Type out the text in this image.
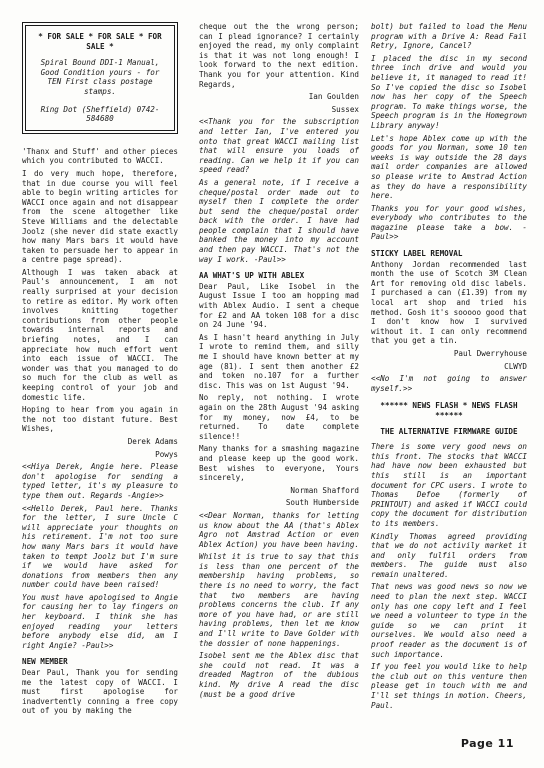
* FOR SALE * FOR SALE * FOR SALE *
Spiral Bound DDI-1 Manual, Good Condition yours - for TEN First class postage stamps.
Ring Dot (Sheffield) 0742-584680

'Thanx and Stuff' and other pieces which you contributed to WACCI.

I do very much hope, therefore, that in due course you will feel able to begin writing articles for WACCI once again and not disappear from the scene altogether like Steve Williams and the delectable Joolz (she never did state exactly how many Mars bars it would have taken to persuade her to appear in a centre page spread).

Although I was taken aback at Paul's announcement, I am not really surprised at your decision to retire as editor. My work often involves knitting together contributions from other people towards internal reports and briefing notes, and I can appreciate how much effort went into each issue of WACCI. The wonder was that you managed to do so much for the club as well as keeping control of your job and domestic life.

Hoping to hear from you again in the not too distant future. Best Wishes,

Derek Adams
Powys

<<Hiya Derek, Angie here. Please don't apologise for sending a typed letter, it's my pleasure to type them out. Regards -Angie>>

<<Hello Derek, Paul here. Thanks for the letter, I sure Uncle C will appreciate your thoughts on his retirement. I'm not too sure how many Mars bars it would have taken to tempt Joolz but I'm sure if we would have asked for donations from members then any number could have been raised!

You must have apologised to Angie for causing her to lay fingers on her keyboard. I think she has enjoyed reading your letters before anybody else did, am I right Angie? -Paul>>

NEW MEMBER

Dear Paul, Thank you for sending me the latest copy of WACCI. I must first apologise for inadvertently conning a free copy out of you by making the

cheque out the the wrong person; can I plead ignorance? I certainly enjoyed the read, my only complaint is that it was not long enough! I look forward to the next edition. Thank you for your attention. Kind Regards,

Ian Goulden
Sussex

<<Thank you for the subscription and letter Ian, I've entered you onto that great WACCI mailing list that will ensure you loads of reading. Can we help it if you can speed read?

As a general note, if I receive a cheque/postal order made out to myself then I complete the order but send the cheque/postal order back with the order. I have had people complain that I should have banked the money into my account and then pay WACCI. That's not the way I work. -Paul>>

AA WHAT'S UP WITH ABLEX

Dear Paul, Like Isobel in the August Issue I too am hopping mad with Ablex Audio. I sent a cheque for £2 and AA token 108 for a disc on 24 June '94.

As I hasn't heard anything in July I wrote to remind them, and silly me I should have known better at my age (81). I sent them another £2 and token no.107 for a further disc. This was on 1st August '94.

No reply, not nothing. I wrote again on the 28th August '94 asking for my money, now £4, to be returned. To date complete silence!!

Many thanks for a smashing magazine and please keep up the good work. Best wishes to everyone, Yours sincerely,

Norman Shafford
South Humberside

<<Dear Norman, thanks for letting us know about the AA (that's Ablex Agro not Amstrad Action or even Ablex Action) you have been having.

Whilst it is true to say that this is less than one percent of the membership having problems, so there is no need to worry, the fact that two members are having problems concerns the club. If any more of you have had, or are still having problems, then let me know and I'll write to Dave Golder with the dossier of none happenings.

Isobel sent me the Ablex disc that she could not read. It was a dreaded Magtron of the dubious kind. My drive A read the disc (must be a good drive

bolt) but failed to load the Menu program with a Drive A: Read Fail Retry, Ignore, Cancel?

I placed the disc in my second three inch drive and would you believe it, it managed to read it! So I've copied the disc so Isobel now has her copy of the Speech program. To make things worse, the Speech program is in the Homegrown Library anyway!

Let's hope Ablex come up with the goods for you Norman, some 10 ten weeks is way outside the 28 days mail order companies are allowed so please write to Amstrad Action as they do have a responsibility here.

Thanks you for your good wishes, everybody who contributes to the magazine please take a bow. -Paul>>

STICKY LABEL REMOVAL

Anthony Jordan recommended last month the use of Scotch 3M Clean Art for removing old disc labels. I purchased a can (£1.39) from my local art shop and tried his method. Gosh it's sooooo good that I don't know how I survived without it. I can only recommend that you get a tin.

Paul Dwerryhouse
CLWYD

<<No I'm not going to answer myself.>>

****** NEWS FLASH * NEWS FLASH ******
THE ALTERNATIVE FIRMWARE GUIDE

There is some very good news on this front. The stocks that WACCI had have now been exhausted but this still is an important document for CPC users. I wrote to Thomas Defoe (formerly of PRINTOUT) and asked if WACCI could copy the document for distribution to its members.

Kindly Thomas agreed providing that we do not activily market it and only fulfil orders from members. The guide must also remain unaltered.

That news was good news so now we need to plan the next step. WACCI only has one copy left and I feel we need a volunteer to type in the guide so we can print it ourselves. We would also need a proof reader as the document is of such importance.

If you feel you would like to help the club out on this venture then please get in touch with me and I'll set things in motion. Cheers, Paul.

Page 11
